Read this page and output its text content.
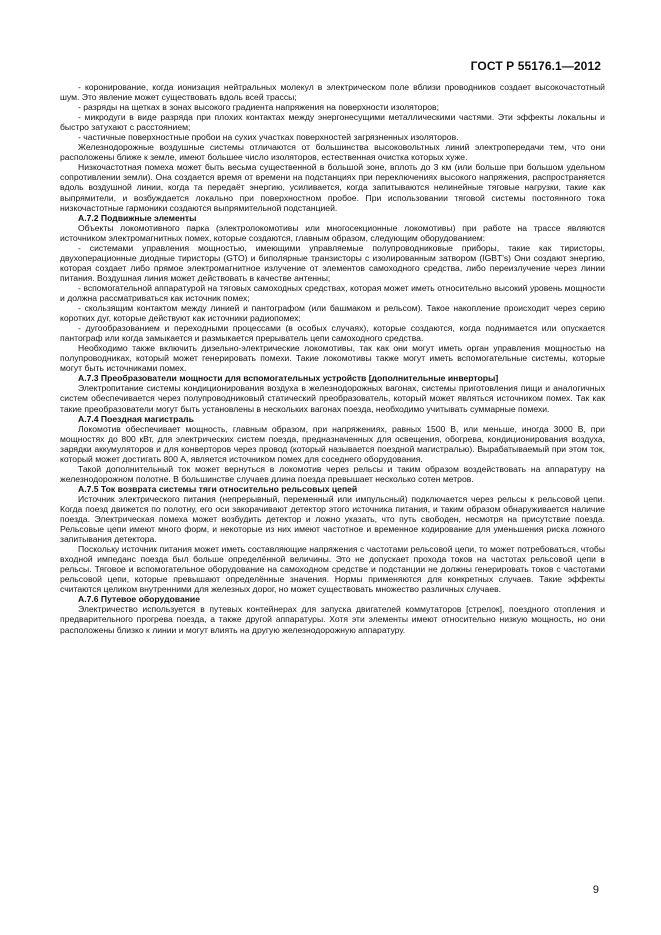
ГОСТ Р 55176.1—2012

- коронирование, когда ионизация нейтральных молекул в электрическом поле вблизи проводников создает высокочастотный шум. Это явление может существовать вдоль всей трассы;

- разряды на щетках в зонах высокого градиента напряжения на поверхности изоляторов;

- микродуги в виде разряда при плохих контактах между энергонесущими металлическими частями. Эти эффекты локальны и быстро затухают с расстоянием;

- частичные поверхностные пробои на сухих участках поверхностей загрязненных изоляторов.

Железнодорожные воздушные системы отличаются от большинства высоковольтных линий электропередачи тем, что они расположены ближе к земле, имеют большее число изоляторов, естественная очистка которых хуже.

Низкочастотная помеха может быть весьма существенной в большой зоне, вплоть до 3 км (или больше при большом удельном сопротивлении земли). Она создается время от времени на подстанциях при переключениях высокого напряжения, распространяется вдоль воздушной линии, когда та передаёт энергию, усиливается, когда запитываются нелинейные тяговые нагрузки, такие как выпрямители, и возбуждается локально при поверхностном пробое. При использовании тяговой системы постоянного тока низкочастотные гармоники создаются выпрямительной подстанцией.

А.7.2 Подвижные элементы

Объекты локомотивного парка (электролокомотивы или многосекционные локомотивы) при работе на трассе являются источником электромагнитных помех, которые создаются, главным образом, следующим оборудованием:

- системами управления мощностью, имеющими управляемые полупроводниковые приборы, такие как тиристоры, двухоперационные диодные тиристоры (GTO) и биполярные транзисторы с изолированным затвором (IGBT's) Они создают энергию, которая создает либо прямое электромагнитное излучение от элементов самоходного средства, либо переизлучение через линии питания. Воздушная линия может действовать в качестве антенны;

- вспомогательной аппаратурой на тяговых самоходных средствах, которая может иметь относительно высокий уровень мощности и должна рассматриваться как источник помех;

- скользящим контактом между линией и пантографом (или башмаком и рельсом). Такое накопление происходит через серию коротких дуг, которые действуют как источники радиопомех;

- дугообразованием и переходными процессами (в особых случаях), которые создаются, когда поднимается или опускается пантограф или когда замыкается и размыкается прерыватель цепи самоходного средства.

Необходимо также включить дизельно-электрические локомотивы, так как они могут иметь орган управления мощностью на полупроводниках, который может генерировать помехи. Такие локомотивы также могут иметь вспомогательные системы, которые могут быть источниками помех.

А.7.3 Преобразователи мощности для вспомогательных устройств [дополнительные инверторы]

Электропитание системы кондиционирования воздуха в железнодорожных вагонах, системы приготовления пищи и аналогичных систем обеспечивается через полупроводниковый статический преобразователь, который может являться источником помех. Так как такие преобразователи могут быть установлены в нескольких вагонах поезда, необходимо учитывать суммарные помехи.

А.7.4 Поездная магистраль

Локомотив обеспечивает мощность, главным образом, при напряжениях, равных 1500 В, или меньше, иногда 3000 В, при мощностях до 800 кВт, для электрических систем поезда, предназначенных для освещения, обогрева, кондиционирования воздуха, зарядки аккумуляторов и для конверторов через провод (который называется поездной магистралью). Вырабатываемый при этом ток, который может достигать 800 А, является источником помех для соседнего оборудования.

Такой дополнительный ток может вернуться в локомотив через рельсы и таким образом воздействовать на аппаратуру на железнодорожном полотне. В большинстве случаев длина поезда превышает несколько сотен метров.

А.7.5 Ток возврата системы тяги относительно рельсовых цепей

Источник электрического питания (непрерывный, переменный или импульсный) подключается через рельсы к рельсовой цепи. Когда поезд движется по полотну, его оси закорачивают детектор этого источника питания, и таким образом обнаруживается наличие поезда. Электрическая помеха может возбудить детектор и ложно указать, что путь свободен, несмотря на присутствие поезда. Рельсовые цепи имеют много форм, и некоторые из них имеют частотное и временное кодирование для уменьшения риска ложного запитывания детектора.

Поскольку источник питания может иметь составляющие напряжения с частотами рельсовой цепи, то может потребоваться, чтобы входной импеданс поезда был больше определённой величины. Это не допускает прохода токов на частотах рельсовой цепи в рельсы. Тяговое и вспомогательное оборудование на самоходном средстве и подстанции не должны генерировать токов с частотами рельсовой цепи, которые превышают определённые значения. Нормы применяются для конкретных случаев. Такие эффекты считаются целиком внутренними для железных дорог, но может существовать множество различных случаев.

А.7.6 Путевое оборудование

Электричество используется в путевых контейнерах для запуска двигателей коммутаторов [стрелок], поездного отопления и предварительного прогрева поезда, а также другой аппаратуры. Хотя эти элементы имеют относительно низкую мощность, но они расположены близко к линии и могут влиять на другую железнодорожную аппаратуру.

9
